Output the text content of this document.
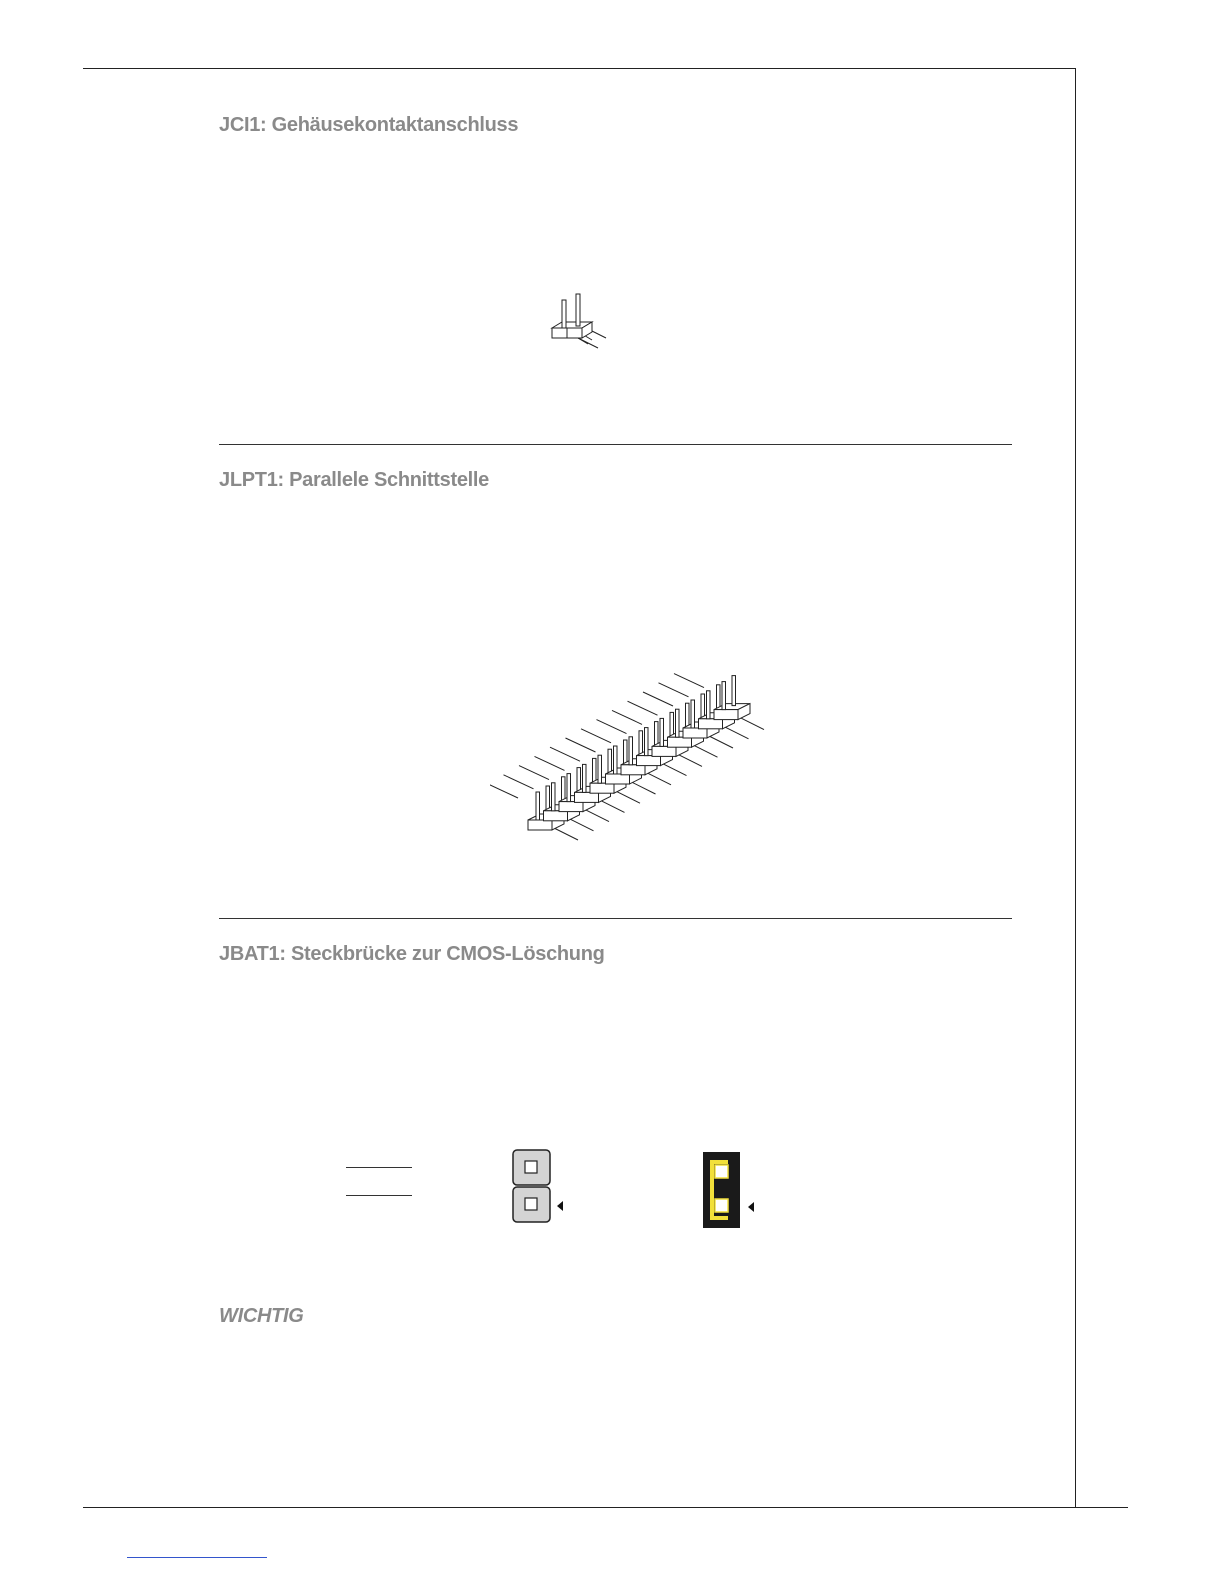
JCI1: Gehäusekontaktanschluss
JLPT1: Parallele Schnittstelle
JBAT1: Steckbrücke zur CMOS-Löschung
WICHTIG
